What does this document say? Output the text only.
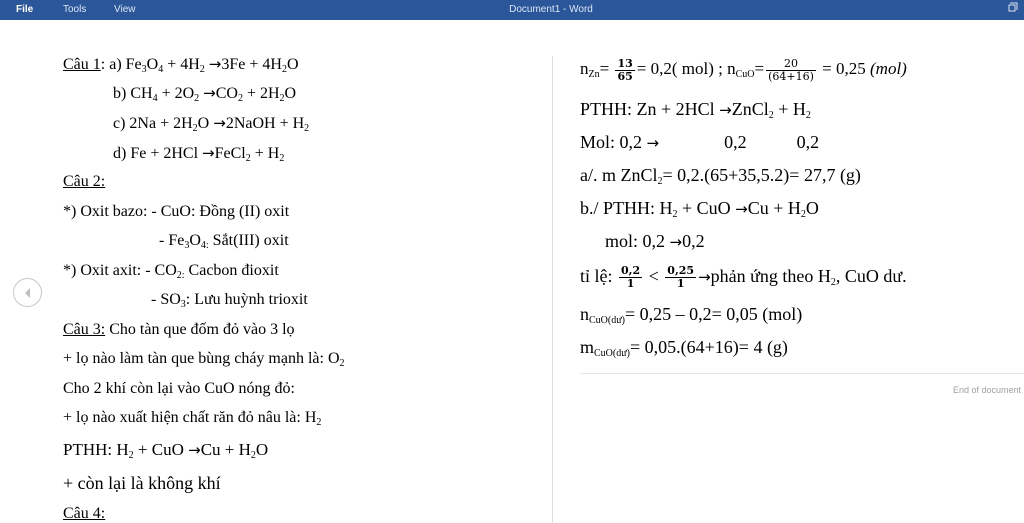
File	Tools	View	Document1 - Word
Câu 1: a) $Fe_3O_4 + 4H_2 \to 3Fe + 4H_2O$
b) $CH_4 + 2O_2 \to CO_2 + 2H_2O$
c) $2Na + 2H_2O$ →2NaOH + $H_2$
d) Fe + 2HCl →FeCl$_2$ + $H_2$
Câu 2:
*) Oxit bazo: - CuO: Đồng (II) oxit
- $Fe_3O_{4:}$ Sắt(III) oxit
*) Oxit axit: - $CO_{2:}$ Cacbon đioxit
- $SO_3$: Lưu huỳnh trioxit
Câu 3: Cho tàn que đốm đỏ vào 3 lọ
+ lọ nào làm tàn que bùng cháy mạnh là: $O_2$
Cho 2 khí còn lại vào CuO nóng đỏ:
+ lọ nào xuất hiện chất răn đỏ nâu là: $H_2$
PTHH: $H_2$ + CuO $\to Cu + H_2O$
+ còn lại là không khí
Câu 4:
$nZn= \frac{13}{65} = 0,2$( mol) ; nCuO= $\frac{20}{(64+16)} = 0,25$ (mol)
PTHH: Zn + 2HCl →ZnCl$_2$ + $H_2$
Mol: 0,2 →	0,2	0,2
a/. m ZnCl$_2$= 0,2.(65+35,5.2)= 27,7 (g)
b./ PTHH: $H_2$ + CuO $\to Cu + H_2O$
mol: 0,2 →0,2
tỉ lệ: $\frac{0,2}{1} < \frac{0,25}{1}$ →phản ứng theo $H_2$, CuO dư.
$n_{CuO(dư)}= 0,25 - 0,2= 0,05$ (mol)
$m_{CuO(dư)}= 0,05.(64+16)= 4$ (g)
End of document
